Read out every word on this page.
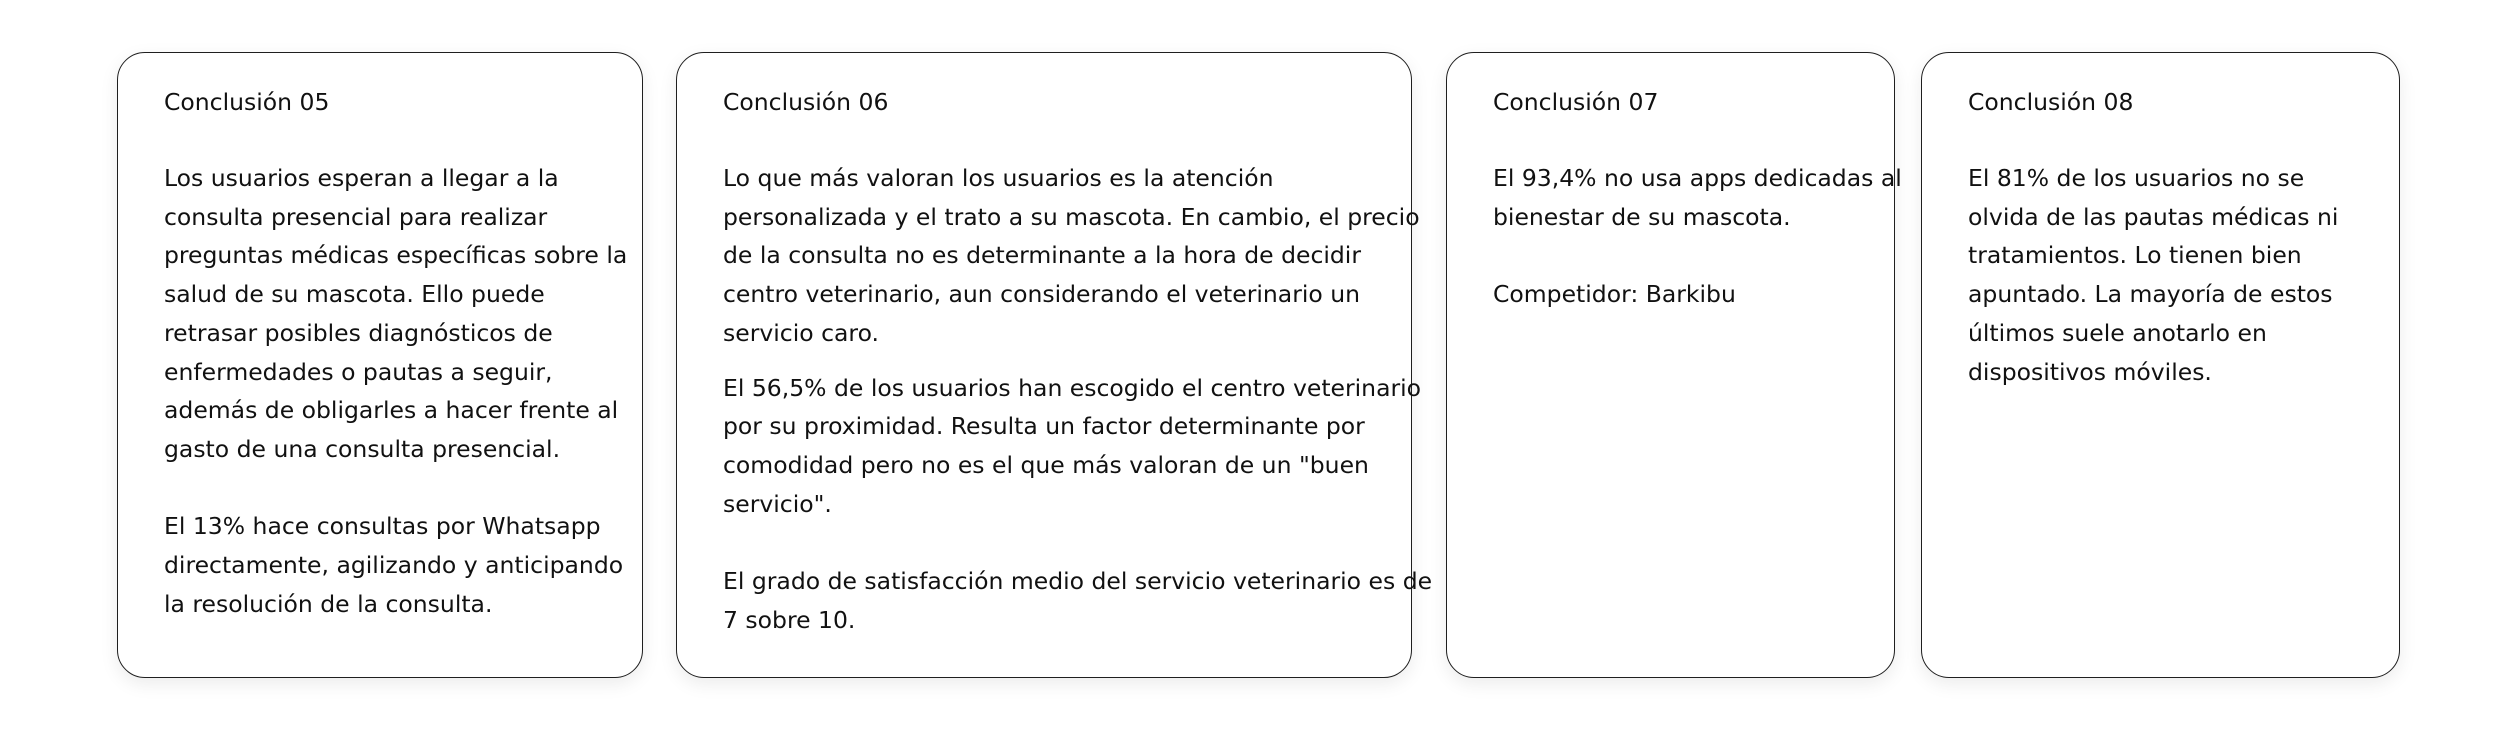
Conclusión 05

Los usuarios esperan a llegar a la
consulta presencial para realizar
preguntas médicas específicas sobre la
salud de su mascota. Ello puede
retrasar posibles diagnósticos de
enfermedades o pautas a seguir,
además de obligarles a hacer frente al
gasto de una consulta presencial.

El 13% hace consultas por Whatsapp
directamente, agilizando y anticipando
la resolución de la consulta.

Conclusión 06

Lo que más valoran los usuarios es la atención
personalizada y el trato a su mascota. En cambio, el precio
de la consulta no es determinante a la hora de decidir
centro veterinario, aun considerando el veterinario un
servicio caro.

El 56,5% de los usuarios han escogido el centro veterinario
por su proximidad. Resulta un factor determinante por
comodidad pero no es el que más valoran de un "buen
servicio".

El grado de satisfacción medio del servicio veterinario es de
7 sobre 10.

Conclusión 07

El 93,4% no usa apps dedicadas al
bienestar de su mascota.

Competidor: Barkibu

Conclusión 08

El 81% de los usuarios no se
olvida de las pautas médicas ni
tratamientos. Lo tienen bien
apuntado. La mayoría de estos
últimos suele anotarlo en
dispositivos móviles.
